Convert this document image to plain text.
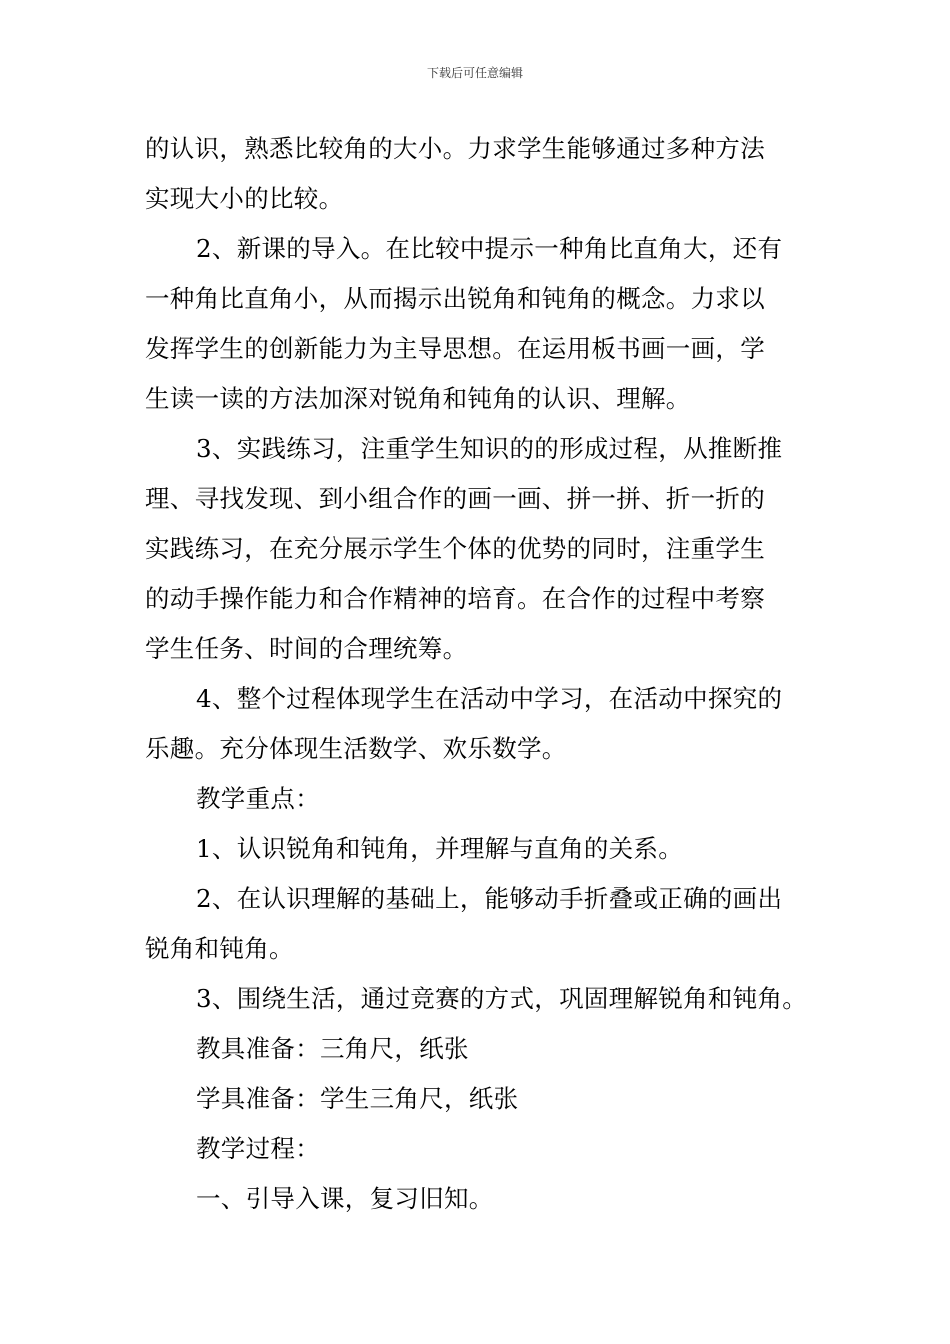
下载后可任意编辑
的认识，熟悉比较角的大小。力求学生能够通过多种方法
实现大小的比较。
2、新课的导入。在比较中提示一种角比直角大，还有
一种角比直角小，从而揭示出锐角和钝角的概念。力求以
发挥学生的创新能力为主导思想。在运用板书画一画，学
生读一读的方法加深对锐角和钝角的认识、理解。
3、实践练习，注重学生知识的的形成过程，从推断推
理、寻找发现、到小组合作的画一画、拼一拼、折一折的
实践练习，在充分展示学生个体的优势的同时，注重学生
的动手操作能力和合作精神的培育。在合作的过程中考察
学生任务、时间的合理统筹。
4、整个过程体现学生在活动中学习，在活动中探究的
乐趣。充分体现生活数学、欢乐数学。
教学重点：
1、认识锐角和钝角，并理解与直角的关系。
2、在认识理解的基础上，能够动手折叠或正确的画出
锐角和钝角。
3、围绕生活，通过竞赛的方式，巩固理解锐角和钝角。
教具准备：三角尺，纸张
学具准备：学生三角尺，纸张
教学过程：
一、引导入课，复习旧知。
